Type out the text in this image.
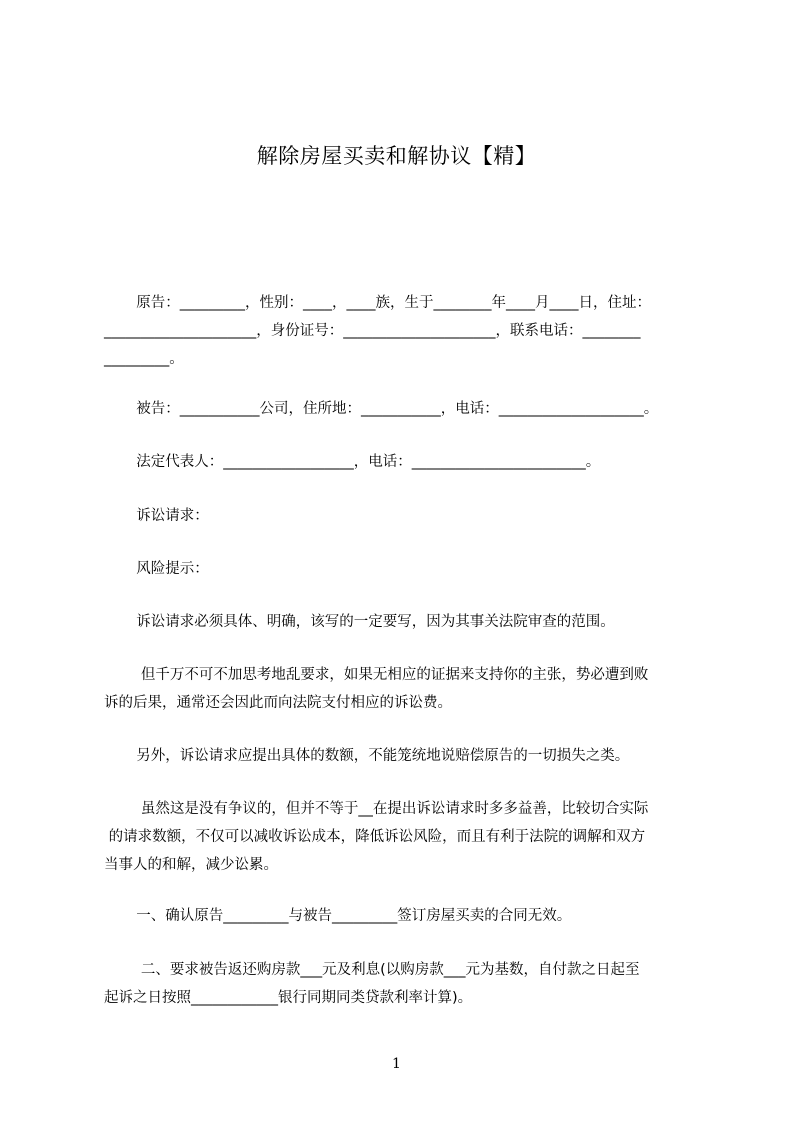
解除房屋买卖和解协议【精】
原告：_________，性别：____，____族，生于________年____月____日，住址：
_____________________，身份证号：_____________________，联系电话：________
_________。
被告：___________公司，住所地：___________，电话：____________________。
法定代表人：__________________，电话：________________________。
诉讼请求：
风险提示：
诉讼请求必须具体、明确，该写的一定要写，因为其事关法院审查的范围。
但千万不可不加思考地乱要求，如果无相应的证据来支持你的主张，势必遭到败
诉的后果，通常还会因此而向法院支付相应的诉讼费。
另外，诉讼请求应提出具体的数额，不能笼统地说赔偿原告的一切损失之类。
虽然这是没有争议的，但并不等于__在提出诉讼请求时多多益善，比较切合实际
的请求数额，不仅可以减收诉讼成本，降低诉讼风险，而且有利于法院的调解和双方
当事人的和解，减少讼累。
一、确认原告_________与被告_________签订房屋买卖的合同无效。
二、要求被告返还购房款___元及利息(以购房款___元为基数，自付款之日起至
起诉之日按照____________银行同期同类贷款利率计算)。
1
